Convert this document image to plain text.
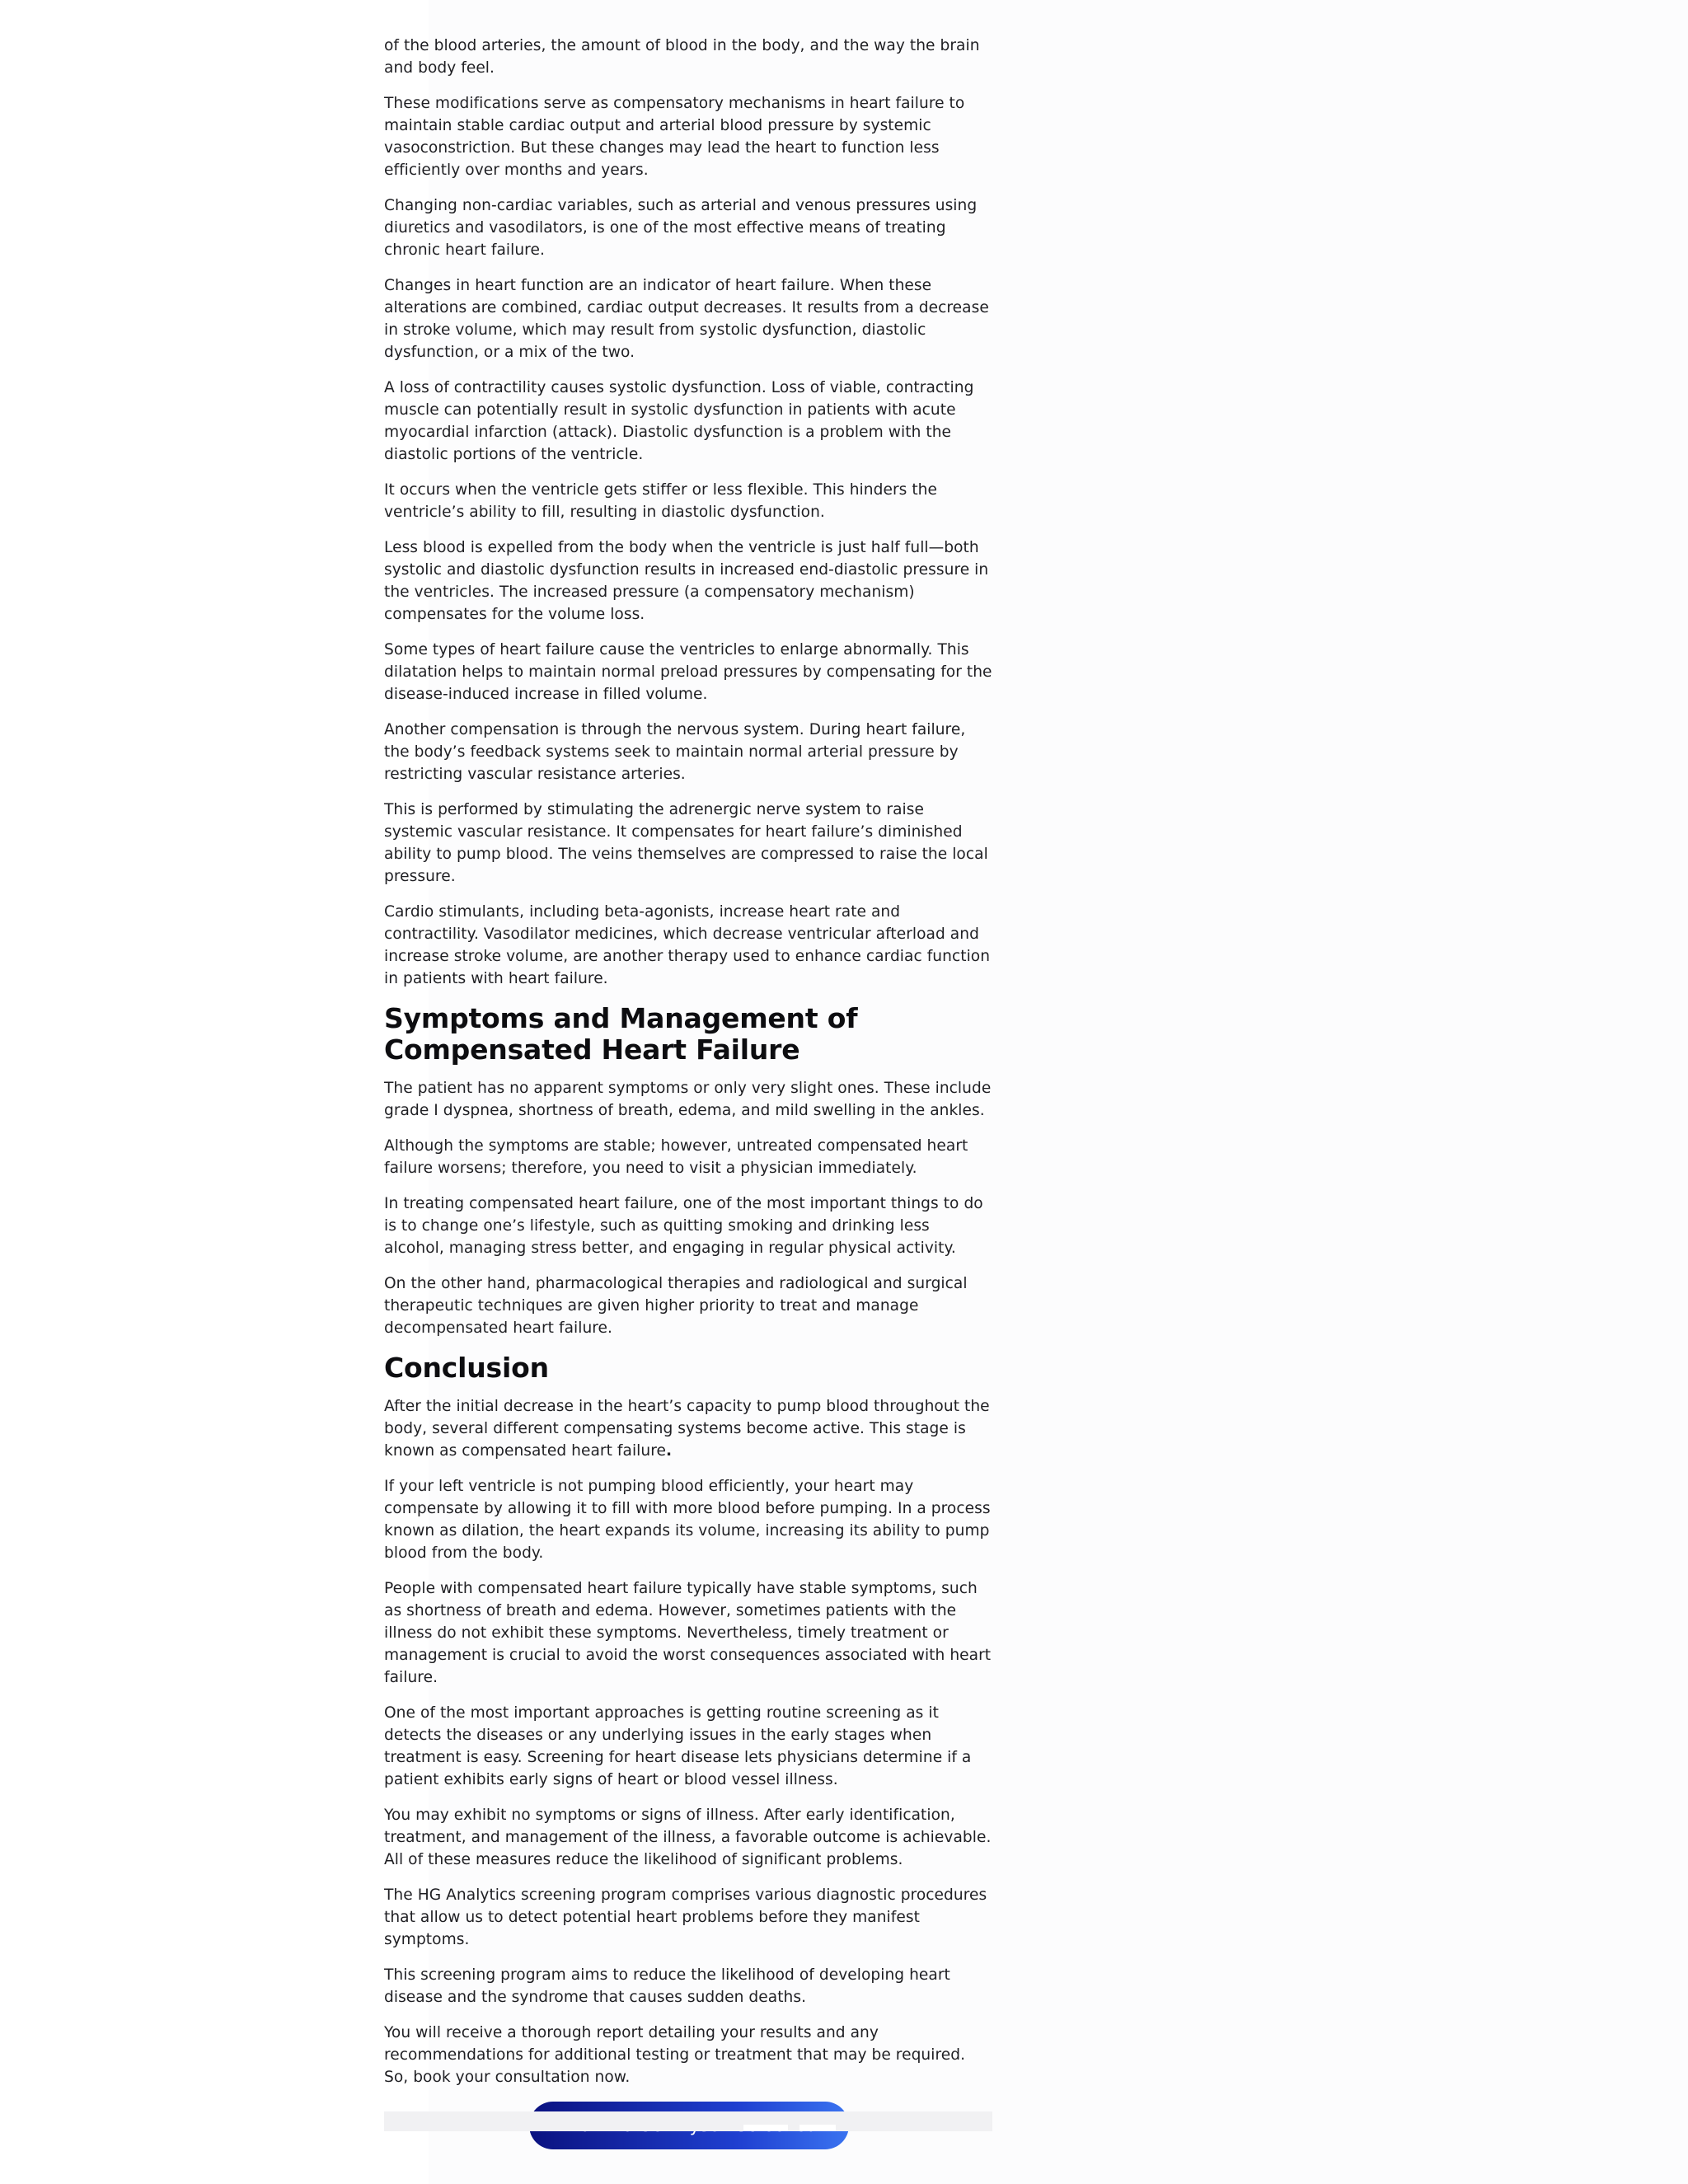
of the blood arteries, the amount of blood in the body, and the way the brain and body feel.

These modifications serve as compensatory mechanisms in heart failure to maintain stable cardiac output and arterial blood pressure by systemic vasoconstriction. But these changes may lead the heart to function less efficiently over months and years.

Changing non-cardiac variables, such as arterial and venous pressures using diuretics and vasodilators, is one of the most effective means of treating chronic heart failure.

Changes in heart function are an indicator of heart failure. When these alterations are combined, cardiac output decreases. It results from a decrease in stroke volume, which may result from systolic dysfunction, diastolic dysfunction, or a mix of the two.

A loss of contractility causes systolic dysfunction. Loss of viable, contracting muscle can potentially result in systolic dysfunction in patients with acute myocardial infarction (attack). Diastolic dysfunction is a problem with the diastolic portions of the ventricle.

It occurs when the ventricle gets stiffer or less flexible. This hinders the ventricle’s ability to fill, resulting in diastolic dysfunction.

Less blood is expelled from the body when the ventricle is just half full—both systolic and diastolic dysfunction results in increased end-diastolic pressure in the ventricles. The increased pressure (a compensatory mechanism) compensates for the volume loss.

Some types of heart failure cause the ventricles to enlarge abnormally. This dilatation helps to maintain normal preload pressures by compensating for the disease-induced increase in filled volume.

Another compensation is through the nervous system. During heart failure, the body’s feedback systems seek to maintain normal arterial pressure by restricting vascular resistance arteries.

This is performed by stimulating the adrenergic nerve system to raise systemic vascular resistance. It compensates for heart failure’s diminished ability to pump blood. The veins themselves are compressed to raise the local pressure.

Cardio stimulants, including beta-agonists, increase heart rate and contractility. Vasodilator medicines, which decrease ventricular afterload and increase stroke volume, are another therapy used to enhance cardiac function in patients with heart failure.

Symptoms and Management of Compensated Heart Failure

The patient has no apparent symptoms or only very slight ones. These include grade I dyspnea, shortness of breath, edema, and mild swelling in the ankles.

Although the symptoms are stable; however, untreated compensated heart failure worsens; therefore, you need to visit a physician immediately.

In treating compensated heart failure, one of the most important things to do is to change one’s lifestyle, such as quitting smoking and drinking less alcohol, managing stress better, and engaging in regular physical activity.

On the other hand, pharmacological therapies and radiological and surgical therapeutic techniques are given higher priority to treat and manage decompensated heart failure.

Conclusion

After the initial decrease in the heart’s capacity to pump blood throughout the body, several different compensating systems become active. This stage is known as compensated heart failure.

If your left ventricle is not pumping blood efficiently, your heart may compensate by allowing it to fill with more blood before pumping. In a process known as dilation, the heart expands its volume, increasing its ability to pump blood from the body.

People with compensated heart failure typically have stable symptoms, such as shortness of breath and edema. However, sometimes patients with the illness do not exhibit these symptoms. Nevertheless, timely treatment or management is crucial to avoid the worst consequences associated with heart failure.

One of the most important approaches is getting routine screening as it detects the diseases or any underlying issues in the early stages when treatment is easy. Screening for heart disease lets physicians determine if a patient exhibits early signs of heart or blood vessel illness.

You may exhibit no symptoms or signs of illness. After early identification, treatment, and management of the illness, a favorable outcome is achievable. All of these measures reduce the likelihood of significant problems.

The HG Analytics screening program comprises various diagnostic procedures that allow us to detect potential heart problems before they manifest symptoms.

This screening program aims to reduce the likelihood of developing heart disease and the syndrome that causes sudden deaths.

You will receive a thorough report detailing your results and any recommendations for additional testing or treatment that may be required. So, book your consultation now.
